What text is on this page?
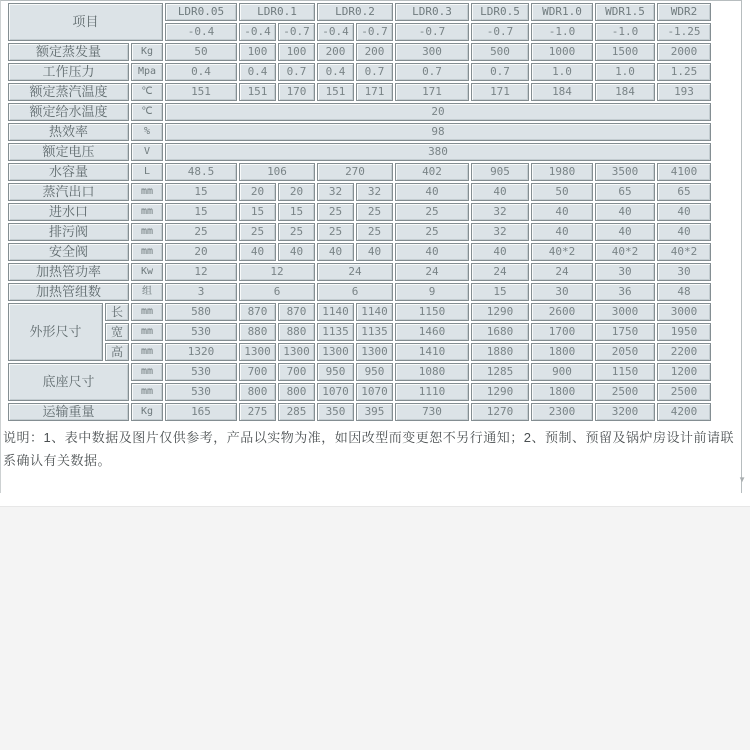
项目			LDR0.05	LDR0.1		LDR0.2		LDR0.3	LDR0.5	WDR1.0	WDR1.5	WDR2
			-0.4	-0.4	-0.7	-0.4	-0.7	-0.7	-0.7	-1.0	-1.0	-1.25
额定蒸发量		Kg	50	100	100	200	200	300	500	1000	1500	2000
工作压力		Mpa	0.4	0.4	0.7	0.4	0.7	0.7	0.7	1.0	1.0	1.25
额定蒸汽温度		℃	151	151	170	151	171	171	171	184	184	193
额定给水温度		℃	20									
热效率		%	98									
额定电压		V	380									
水容量		L	48.5	106		270		402	905	1980	3500	4100
蒸汽出口		mm	15	20	20	32	32	40	40	50	65	65
进水口		mm	15	15	15	25	25	25	32	40	40	40
排污阀		mm	25	25	25	25	25	25	32	40	40	40
安全阀		mm	20	40	40	40	40	40	40	40*2	40*2	40*2
加热管功率		Kw	12	12		24		24	24	24	30	30
加热管组数		组	3	6		6		9	15	30	36	48
外形尺寸	长	mm	580	870	870	1140	1140	1150	1290	2600	3000	3000
	宽	mm	530	880	880	1135	1135	1460	1680	1700	1750	1950
	高	mm	1320	1300	1300	1300	1300	1410	1880	1800	2050	2200
底座尺寸		mm	530	700	700	950	950	1080	1285	900	1150	1200
		mm	530	800	800	1070	1070	1110	1290	1800	2500	2500
运输重量		Kg	165	275	285	350	395	730	1270	2300	3200	4200
说明：1、表中数据及图片仅供参考，产品以实物为准，如因改型而变更恕不另行通知；2、预制、预留及锅炉房设计前请联系确认有关数据。
▼
